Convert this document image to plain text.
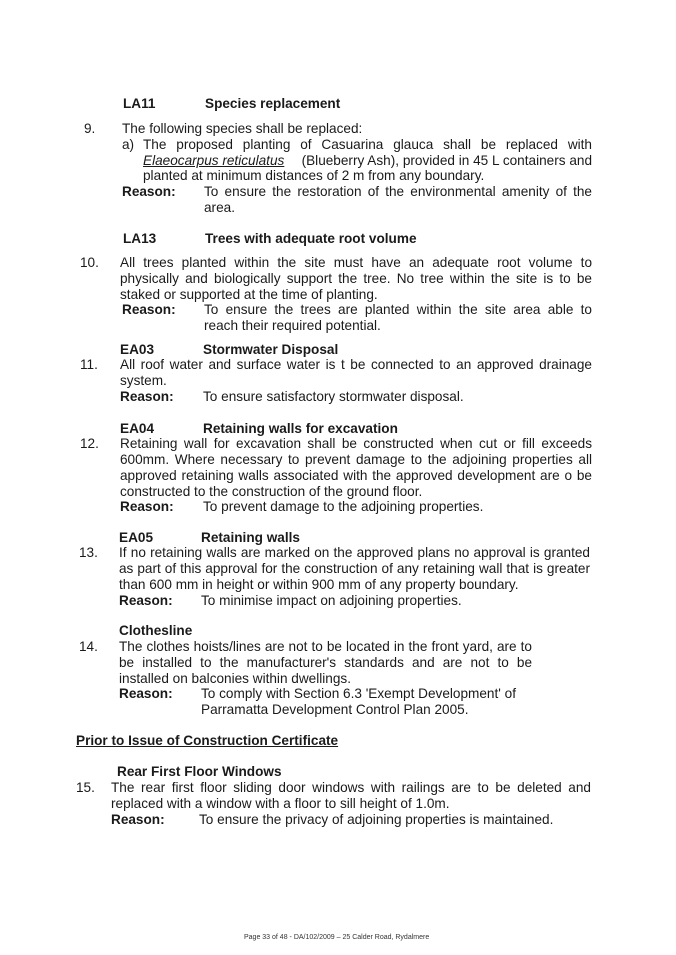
LA11	Species replacement
9. The following species shall be replaced:
a) The proposed planting of Casuarina glauca shall be replaced with
Elaeocarpus reticulatus (Blueberry Ash), provided in 45 L containers and
planted at minimum distances of 2 m from any boundary.
Reason: To ensure the restoration of the environmental amenity of the
area.
LA13	Trees with adequate root volume
10. All trees planted within the site must have an adequate root volume to
physically and biologically support the tree. No tree within the site is to be
staked or supported at the time of planting.
Reason: To ensure the trees are planted within the site area able to
reach their required potential.
EA03	Stormwater Disposal
11. All roof water and surface water is t be connected to an approved drainage
system.
Reason: To ensure satisfactory stormwater disposal.
EA04	Retaining walls for excavation
12. Retaining wall for excavation shall be constructed when cut or fill exceeds
600mm. Where necessary to prevent damage to the adjoining properties all
approved retaining walls associated with the approved development are o be
constructed to the construction of the ground floor.
Reason: To prevent damage to the adjoining properties.
EA05	Retaining walls
13. If no retaining walls are marked on the approved plans no approval is granted
as part of this approval for the construction of any retaining wall that is greater
than 600 mm in height or within 900 mm of any property boundary.
Reason: To minimise impact on adjoining properties.
Clothesline
14. The clothes hoists/lines are not to be located in the front yard, are to
be installed to the manufacturer's standards and are not to be
installed on balconies within dwellings.
Reason: To comply with Section 6.3 'Exempt Development' of
Parramatta Development Control Plan 2005.
Prior to Issue of Construction Certificate
Rear First Floor Windows
15. The rear first floor sliding door windows with railings are to be deleted and
replaced with a window with a floor to sill height of 1.0m.
Reason:	To ensure the privacy of adjoining properties is maintained.
Page 33 of 48 - DA/102/2009 – 25 Calder Road, Rydalmere
